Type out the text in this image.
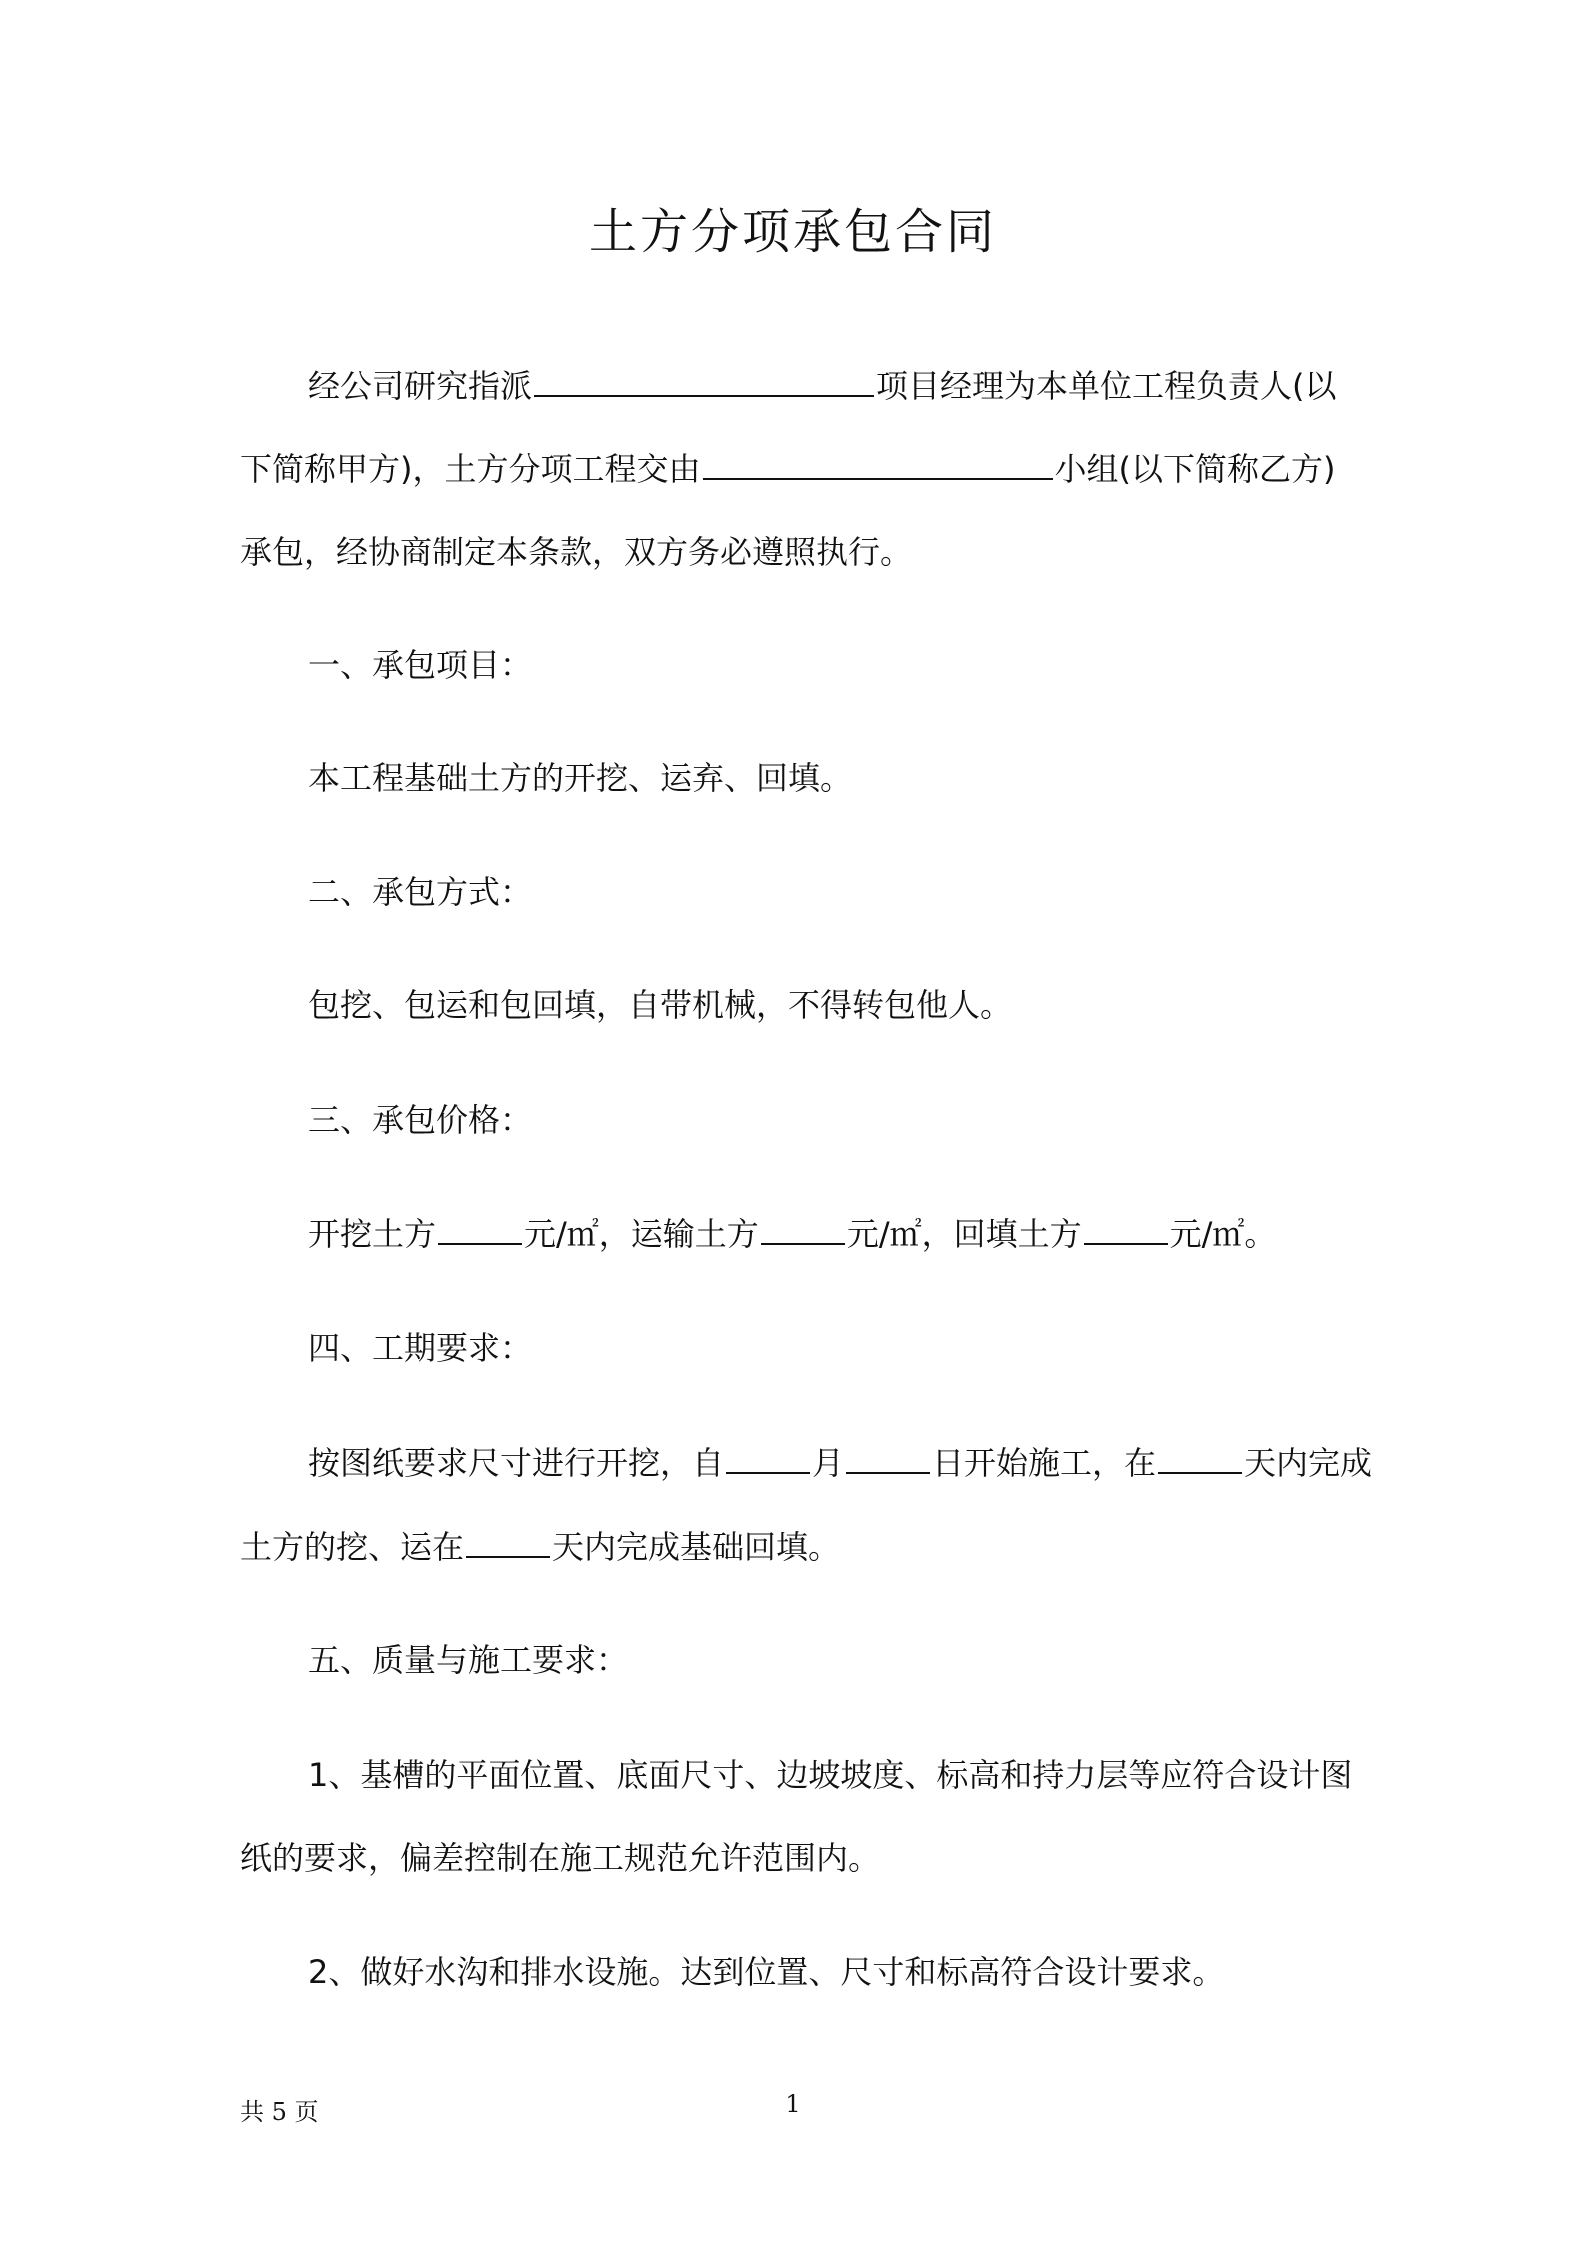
土方分项承包合同
经公司研究指派	项目经理为本单位工程负责人(以
下简称甲方)，土方分项工程交由	小组(以下简称乙方)
承包，经协商制定本条款，双方务必遵照执行。
一、承包项目：
本工程基础土方的开挖、运弃、回填。
二、承包方式：
包挖、包运和包回填，自带机械，不得转包他人。
三、承包价格：
开挖土方	元/㎡，运输土方	元/㎡，回填土方	元/㎡。
四、工期要求：
按图纸要求尺寸进行开挖，自	月	日开始施工，在	天内完成
土方的挖、运在	天内完成基础回填。
五、质量与施工要求：
1、基槽的平面位置、底面尺寸、边坡坡度、标高和持力层等应符合设计图
纸的要求，偏差控制在施工规范允许范围内。
2、做好水沟和排水设施。达到位置、尺寸和标高符合设计要求。
共 5 页	1
